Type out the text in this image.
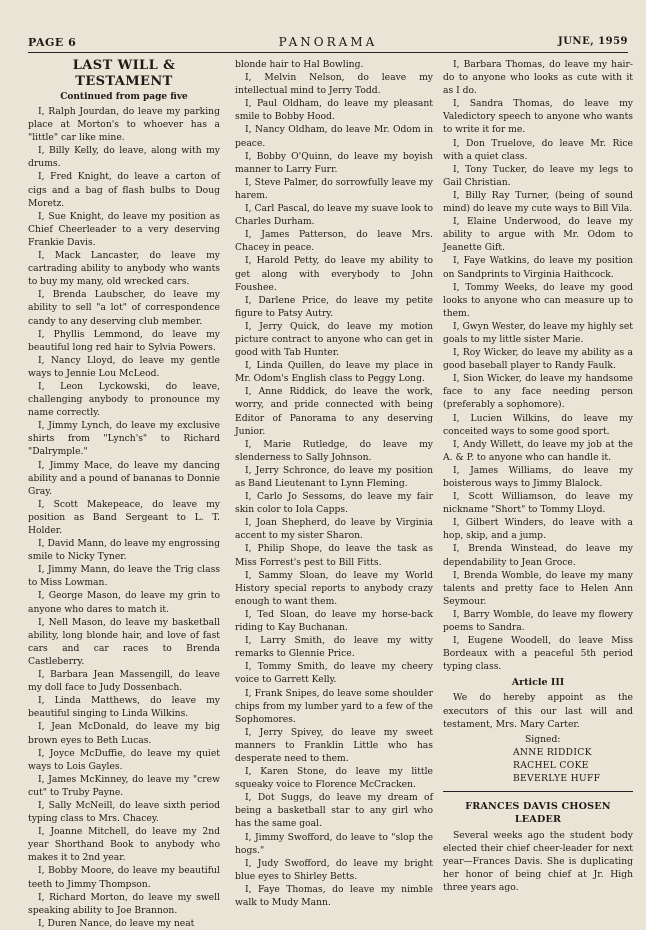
PAGE 6	PANORAMA	JUNE, 1959
LAST WILL & TESTAMENT
Continued from page five

I, Ralph Jourdan, do leave my parking place at Morton's to whoever has a "little" car like mine.

I, Billy Kelly, do leave, along with my drums.

I, Fred Knight, do leave a carton of cigs and a bag of flash bulbs to Doug Moretz.

I, Sue Knight, do leave my position as Chief Cheerleader to a very deserving Frankie Davis.

I, Mack Lancaster, do leave my cartrading ability to anybody who wants to buy my many, old wrecked cars.

I, Brenda Laubscher, do leave my ability to sell "a lot" of correspondence candy to any deserving club member.

I, Phyllis Lemmond, do leave my beautiful long red hair to Sylvia Powers.

I, Nancy Lloyd, do leave my gentle ways to Jennie Lou McLeod.

I, Leon Lyckowski, do leave, challenging anybody to pronounce my name correctly.

I, Jimmy Lynch, do leave my exclusive shirts from "Lynch's" to Richard "Dalrymple."

I, Jimmy Mace, do leave my dancing ability and a pound of bananas to Donnie Gray.

I, Scott Makepeace, do leave my position as Band Sergeant to L. T. Holder.

I, David Mann, do leave my engrossing smile to Nicky Tyner.

I, Jimmy Mann, do leave the Trig class to Miss Lowman.

I, George Mason, do leave my grin to anyone who dares to match it.

I, Nell Mason, do leave my basketball ability, long blonde hair, and love of fast cars and car races to Brenda Castleberry.

I, Barbara Jean Massengill, do leave my doll face to Judy Dossenbach.

I, Linda Matthews, do leave my beautiful singing to Linda Wilkins.

I, Jean McDonald, do leave my big brown eyes to Beth Lucas.

I, Joyce McDuffie, do leave my quiet ways to Lois Gayles.

I, James McKinney, do leave my "crew cut" to Truby Payne.

I, Sally McNeill, do leave sixth period typing class to Mrs. Chacey.

I, Joanne Mitchell, do leave my 2nd year Shorthand Book to anybody who makes it to 2nd year.

I, Bobby Moore, do leave my beautiful teeth to Jimmy Thompson.

I, Richard Morton, do leave my swell speaking ability to Joe Brannon.

I, Duren Nance, do leave my neat

blonde hair to Hal Bowling.

I, Melvin Nelson, do leave my intellectual mind to Jerry Todd.

I, Paul Oldham, do leave my pleasant smile to Bobby Hood.

I, Nancy Oldham, do leave Mr. Odom in peace.

I, Bobby O'Quinn, do leave my boyish manner to Larry Furr.

I, Steve Palmer, do sorrowfully leave my harem.

I, Carl Pascal, do leave my suave look to Charles Durham.

I, James Patterson, do leave Mrs. Chacey in peace.

I, Harold Petty, do leave my ability to get along with everybody to John Foushee.

I, Darlene Price, do leave my petite figure to Patsy Autry.

I, Jerry Quick, do leave my motion picture contract to anyone who can get in good with Tab Hunter.

I, Linda Quillen, do leave my place in Mr. Odom's English class to Peggy Long.

I, Anne Riddick, do leave the work, worry, and pride connected with being Editor of Panorama to any deserving Junior.

I, Marie Rutledge, do leave my slenderness to Sally Johnson.

I, Jerry Schronce, do leave my position as Band Lieutenant to Lynn Fleming.

I, Carlo Jo Sessoms, do leave my fair skin color to Iola Capps.

I, Joan Shepherd, do leave by Virginia accent to my sister Sharon.

I, Philip Shope, do leave the task as Miss Forrest's pest to Bill Fitts.

I, Sammy Sloan, do leave my World History special reports to anybody crazy enough to want them.

I, Ted Sloan, do leave my horse-back riding to Kay Buchanan.

I, Larry Smith, do leave my witty remarks to Glennie Price.

I, Tommy Smith, do leave my cheery voice to Garrett Kelly.

I, Frank Snipes, do leave some shoulder chips from my lumber yard to a few of the Sophomores.

I, Jerry Spivey, do leave my sweet manners to Franklin Little who has desperate need to them.

I, Karen Stone, do leave my little squeaky voice to Florence McCracken.

I, Dot Suggs, do leave my dream of being a basketball star to any girl who has the same goal.

I, Jimmy Swofford, do leave to "slop the hogs."

I, Judy Swofford, do leave my bright blue eyes to Shirley Betts.

I, Faye Thomas, do leave my nimble walk to Mudy Mann.

I, Barbara Thomas, do leave my hair-do to anyone who looks as cute with it as I do.

I, Sandra Thomas, do leave my Valedictory speech to anyone who wants to write it for me.

I, Don Truelove, do leave Mr. Rice with a quiet class.

I, Tony Tucker, do leave my legs to Gail Christian.

I, Billy Ray Turner, (being of sound mind) do leave my cute ways to Bill Vila.

I, Elaine Underwood, do leave my ability to argue with Mr. Odom to Jeanette Gift.

I, Faye Watkins, do leave my position on Sandprints to Virginia Haithcock.

I, Tommy Weeks, do leave my good looks to anyone who can measure up to them.

I, Gwyn Wester, do leave my highly set goals to my little sister Marie.

I, Roy Wicker, do leave my ability as a good baseball player to Randy Faulk.

I, Sion Wicker, do leave my handsome face to any face needing person (preferably a sophomore).

I, Lucien Wilkins, do leave my conceited ways to some good sport.

I, Andy Willett, do leave my job at the A. & P. to anyone who can handle it.

I, James Williams, do leave my boisterous ways to Jimmy Blalock.

I, Scott Williamson, do leave my nickname "Short" to Tommy Lloyd.

I, Gilbert Winders, do leave with a hop, skip, and a jump.

I, Brenda Winstead, do leave my dependability to Jean Groce.

I, Brenda Womble, do leave my many talents and pretty face to Helen Ann Seymour.

I, Barry Womble, do leave my flowery poems to Sandra.

I, Eugene Woodell, do leave Miss Bordeaux with a peaceful 5th period typing class.

Article III

We do hereby appoint as the executors of this our last will and testament, Mrs. Mary Carter.

Signed:
ANNE RIDDICK
RACHEL COKE
BEVERLYE HUFF
FRANCES DAVIS CHOSEN LEADER

Several weeks ago the student body elected their chief cheer-leader for next year—Frances Davis. She is duplicating her honor of being chief at Jr. High three years ago.
